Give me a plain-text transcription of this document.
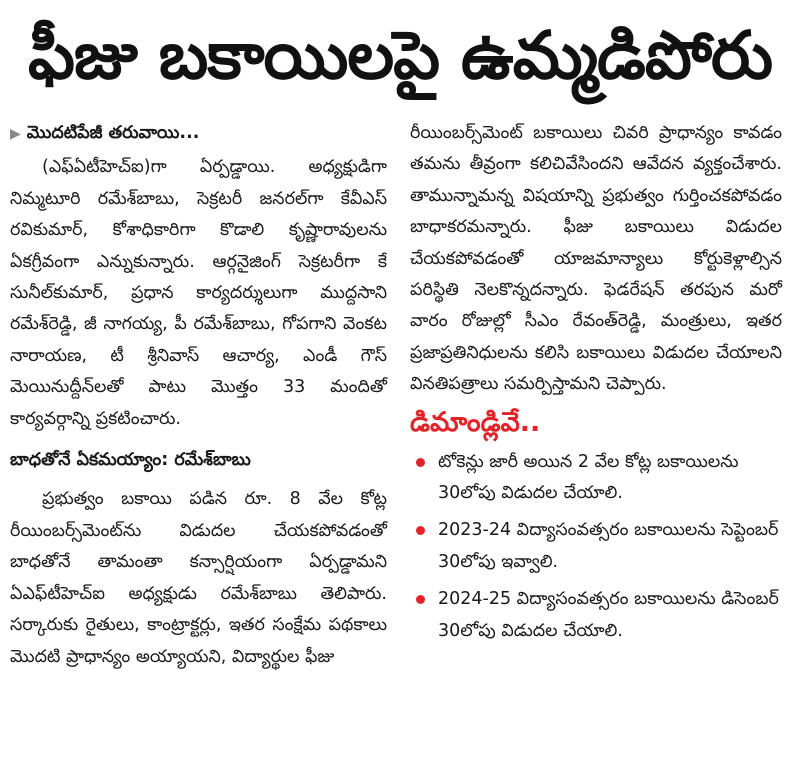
ఫీజు బకాయిలపై ఉమ్మడిపోరు

▶ మొదటిపేజీ తరువాయి...

(ఎఫ్ఏటీహెచ్ఐ)గా ఏర్పడ్డాయి. అధ్యక్షుడిగా నిమ్మటూరి రమేశ్‌బాబు, సెక్రటరీ జనరల్‌గా కేవీఎస్ రవికుమార్, కోశాధికారిగా కొడాలి కృష్ణారావులను ఏకగ్రీవంగా ఎన్నుకున్నారు. ఆర్గనైజింగ్ సెక్రటరీగా కే సునీల్‌కుమార్, ప్రధాన కార్యదర్శులుగా ముద్దసాని రమేశ్‌రెడ్డి, జీ నాగయ్య, పీ రమేశ్‌బాబు, గోపగాని వెంకట నారాయణ, టీ శ్రీనివాస్ ఆచార్య, ఎండీ గౌస్ మెయినుద్దీన్‌లతో పాటు మొత్తం 33 మందితో కార్యవర్గాన్ని ప్రకటించారు.

బాధతోనే ఏకమయ్యాం: రమేశ్‌బాబు

ప్రభుత్వం బకాయి పడిన రూ. 8 వేల కోట్ల రీయింబర్స్‌మెంట్‌ను విడుదల చేయకపోవడంతో బాధతోనే తామంతా కన్సార్షియంగా ఏర్పడ్డామని ఏఎఫ్‌టీహెచ్ఐ అధ్యక్షుడు రమేశ్‌బాబు తెలిపారు. సర్కారుకు రైతులు, కాంట్రాక్టర్లు, ఇతర సంక్షేమ పథకాలు మొదటి ప్రాధాన్యం అయ్యాయని, విద్యార్థుల ఫీజు

రీయింబర్స్‌మెంట్ బకాయిలు చివరి ప్రాధాన్యం కావడం తమను తీవ్రంగా కలిచివేసిందని ఆవేదన వ్యక్తంచేశారు. తామున్నామన్న విషయాన్ని ప్రభుత్వం గుర్తించకపోవడం బాధాకరమన్నారు. ఫీజు బకాయిలు విడుదల చేయకపోవడంతో యాజమాన్యాలు కోర్టుకెళ్లాల్సిన పరిస్థితి నెలకొన్నదన్నారు. ఫెడరేషన్ తరపున మరో వారం రోజుల్లో సీఎం రేవంత్‌రెడ్డి, మంత్రులు, ఇతర ప్రజాప్రతినిధులను కలిసి బకాయిలు విడుదల చేయాలని వినతిపత్రాలు సమర్పిస్తామని చెప్పారు.

డిమాండ్లివే..

టోకెన్లు జారీ అయిన 2 వేల కోట్ల బకాయిలను 30లోపు విడుదల చేయాలి.
2023-24 విద్యాసంవత్సరం బకాయిలను సెప్టెంబర్ 30లోపు ఇవ్వాలి.
2024-25 విద్యాసంవత్సరం బకాయిలను డిసెంబర్ 30లోపు విడుదల చేయాలి.
